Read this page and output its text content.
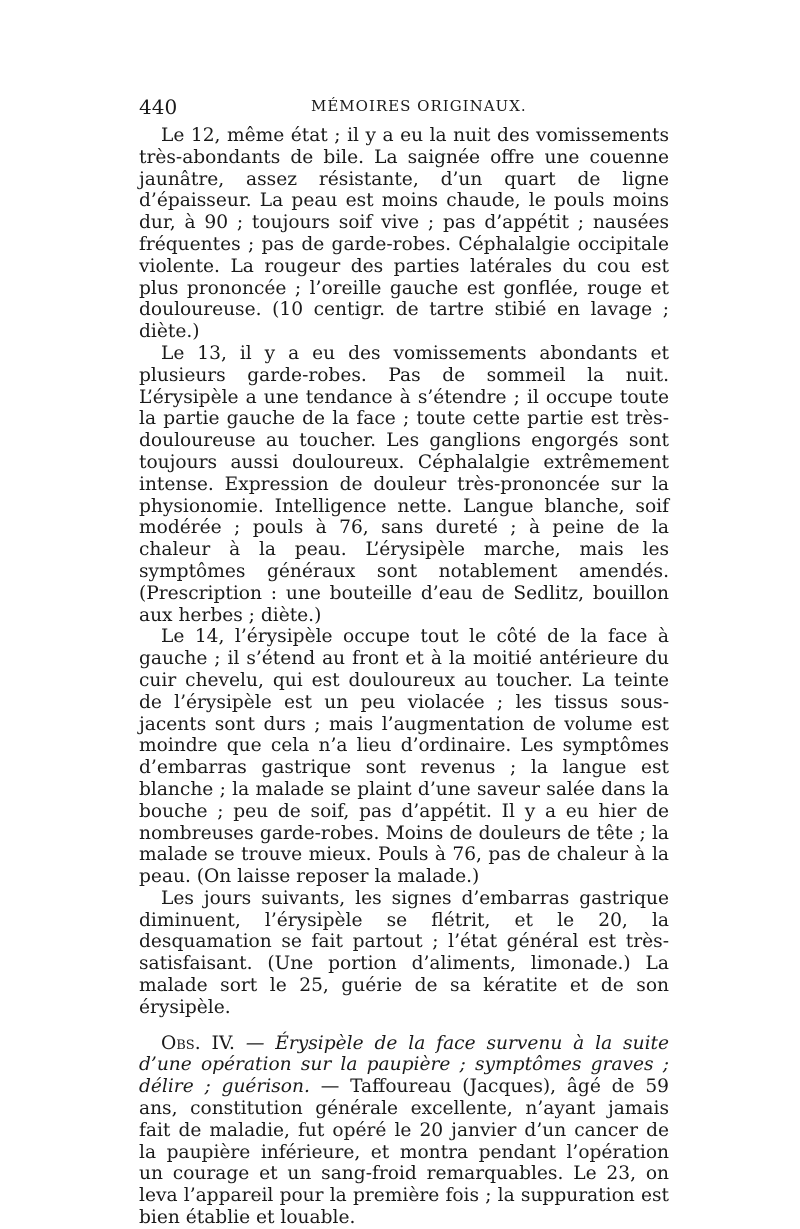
440	MÉMOIRES ORIGINAUX.

Le 12, même état ; il y a eu la nuit des vomissements très-abondants de bile. La saignée offre une couenne jaunâtre, assez résistante, d’un quart de ligne d’épaisseur. La peau est moins chaude, le pouls moins dur, à 90 ; toujours soif vive ; pas d’appétit ; nausées fréquentes ; pas de garde-robes. Céphalalgie occipitale violente. La rougeur des parties latérales du cou est plus prononcée ; l’oreille gauche est gonflée, rouge et douloureuse. (10 centigr. de tartre stibié en lavage ; diète.)

Le 13, il y a eu des vomissements abondants et plusieurs garde-robes. Pas de sommeil la nuit. L’érysipèle a une tendance à s’étendre ; il occupe toute la partie gauche de la face ; toute cette partie est très-douloureuse au toucher. Les ganglions engorgés sont toujours aussi douloureux. Céphalalgie extrêmement intense. Expression de douleur très-prononcée sur la physionomie. Intelligence nette. Langue blanche, soif modérée ; pouls à 76, sans dureté ; à peine de la chaleur à la peau. L’érysipèle marche, mais les symptômes généraux sont notablement amendés. (Prescription : une bouteille d’eau de Sedlitz, bouillon aux herbes ; diète.)

Le 14, l’érysipèle occupe tout le côté de la face à gauche ; il s’étend au front et à la moitié antérieure du cuir chevelu, qui est douloureux au toucher. La teinte de l’érysipèle est un peu violacée ; les tissus sous-jacents sont durs ; mais l’augmentation de volume est moindre que cela n’a lieu d’ordinaire. Les symptômes d’embarras gastrique sont revenus ; la langue est blanche ; la malade se plaint d’une saveur salée dans la bouche ; peu de soif, pas d’appétit. Il y a eu hier de nombreuses garde-robes. Moins de douleurs de tête ; la malade se trouve mieux. Pouls à 76, pas de chaleur à la peau. (On laisse reposer la malade.)

Les jours suivants, les signes d’embarras gastrique diminuent, l’érysipèle se flétrit, et le 20, la desquamation se fait partout ; l’état général est très-satisfaisant. (Une portion d’aliments, limonade.) La malade sort le 25, guérie de sa kératite et de son érysipèle.

Obs. IV. — Érysipèle de la face survenu à la suite d’une opération sur la paupière ; symptômes graves ; délire ; guérison. — Taffoureau (Jacques), âgé de 59 ans, constitution générale excellente, n’ayant jamais fait de maladie, fut opéré le 20 janvier d’un cancer de la paupière inférieure, et montra pendant l’opération un courage et un sang-froid remarquables. Le 23, on leva l’appareil pour la première fois ; la suppuration est bien établie et louable.
